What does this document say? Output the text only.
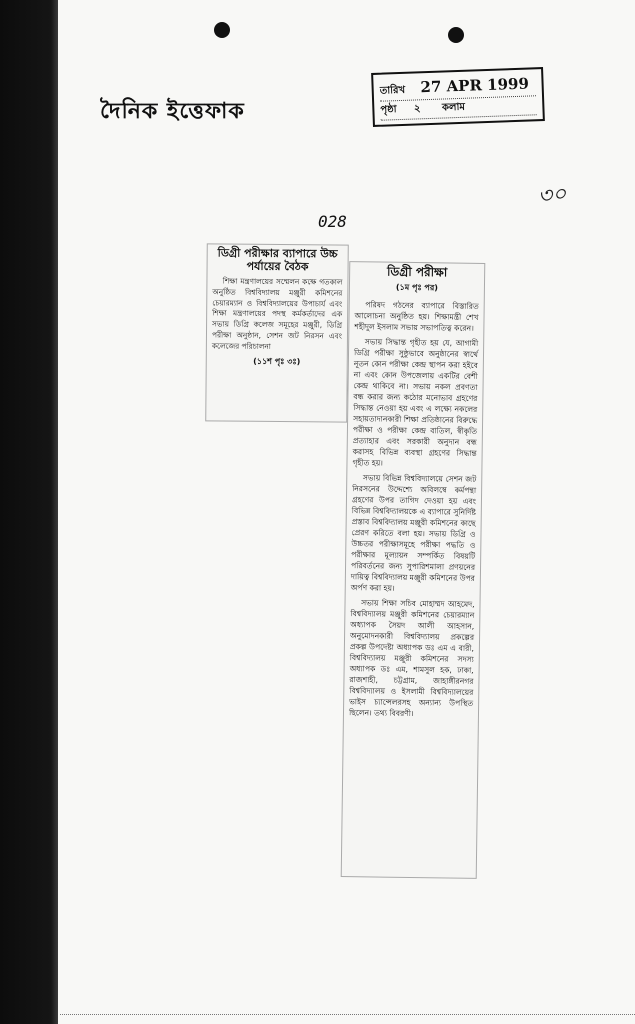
দৈনিক ইত্তেফাক
তারিখ 27 APR 1999
পৃষ্ঠা ২ কলাম
৩০
028
ডিগ্রী পরীক্ষার ব্যাপারে উচ্চ পর্যায়ের বৈঠক

শিক্ষা মন্ত্রণালয়ের সম্মেলন কক্ষে গতকাল অনুষ্ঠিত বিশ্ববিদ্যালয় মঞ্জুরী কমিশনের চেয়ারম্যান ও বিশ্ববিদ্যালয়ের উপাচার্য এবং শিক্ষা মন্ত্রণালয়ের পদস্থ কর্মকর্তাদের এক সভায় ডিগ্রি কলেজ সমূহের মঞ্জুরী, ডিগ্রি পরীক্ষা অনুষ্ঠান, সেশন জট নিরসন এবং কলেজের পরিচালনা

(১১শ পৃঃ ৩ঃ)
ডিগ্রী পরীক্ষা
(১ম পৃঃ পর)

পরিষদ গঠনের ব্যাপারে বিস্তারিত আলোচনা অনুষ্ঠিত হয়। শিক্ষামন্ত্রী শেখ শহীদুল ইসলাম সভায় সভাপতিত্ব করেন।

সভায় সিদ্ধান্ত গৃহীত হয় যে, আগামী ডিগ্রি পরীক্ষা সুষ্ঠুভাবে অনুষ্ঠানের স্বার্থে নূতন কোন পরীক্ষা কেন্দ্র স্থাপন করা হইবে না এবং কোন উপজেলায় একটির বেশী কেন্দ্র থাকিবে না। সভায় নকল প্রবণতা বন্ধ করার জন্য কঠোর মনোভাব গ্রহণের সিদ্ধান্ত নেওয়া হয় এবং এ লক্ষ্যে নকলের সহায়তাদানকারী শিক্ষা প্রতিষ্ঠানের বিরুদ্ধে পরীক্ষা ও পরীক্ষা কেন্দ্র বাতিল, স্বীকৃতি প্রত্যাহার এবং সরকারী অনুদান বন্ধ করাসহ বিভিন্ন ব্যবস্থা গ্রহণের সিদ্ধান্ত গৃহীত হয়।

সভায় বিভিন্ন বিশ্ববিদ্যালয়ে সেশন জট নিরসনের উদ্দেশ্যে অবিলম্বে কর্মপন্থা গ্রহণের উপর তাগিদ দেওয়া হয় এবং বিভিন্ন বিশ্ববিদ্যালয়কে এ ব্যাপারে সুনির্দিষ্ট প্রস্তাব বিশ্ববিদ্যালয় মঞ্জুরী কমিশনের কাছে প্রেরণ করিতে বলা হয়। সভায় ডিগ্রি ও উচ্চতর পরীক্ষাসমূহে পরীক্ষা পদ্ধতি ও পরীক্ষার মূল্যায়ন সম্পর্কিত বিষয়টি পরিবর্তনের জন্য সুপারিশমালা প্রণয়নের দায়িত্ব বিশ্ববিদ্যালয় মঞ্জুরী কমিশনের উপর অর্পণ করা হয়।

সভায় শিক্ষা সচিব মোহাম্মদ আহমেদ, বিশ্ববিদ্যালয় মঞ্জুরী কমিশনের চেয়ারম্যান অধ্যাপক সৈয়দ আলী আহসান, অনুমোদনকারী বিশ্ববিদ্যালয় প্রকল্পের প্রকল্প উপদেষ্টা অধ্যাপক ডঃ এম এ বারী, বিশ্ববিদ্যালয় মঞ্জুরী কমিশনের সদস্য অধ্যাপক ডঃ এম, শামসুল হক, ঢাকা, রাজশাহী, চট্টগ্রাম, জাহাঙ্গীরনগর বিশ্ববিদ্যালয় ও ইসলামী বিশ্ববিদ্যালয়ের ভাইস চ্যান্সেলরসহ অন্যান্য উপস্থিত ছিলেন। তথ্য বিবরণী।
